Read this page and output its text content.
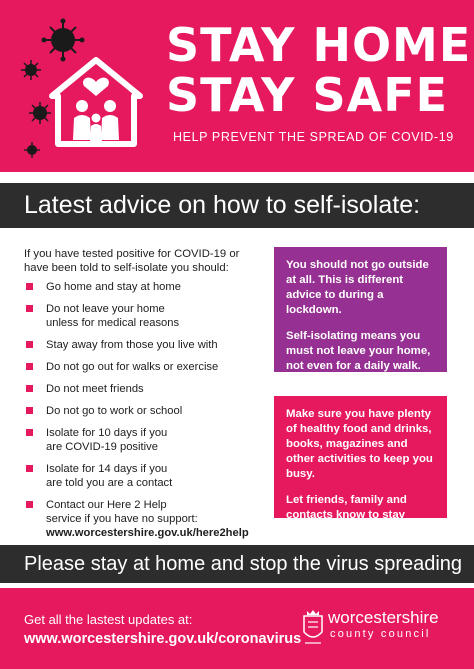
STAY HOME
STAY SAFE
HELP PREVENT THE SPREAD OF COVID-19
Latest advice on how to self-isolate:
If you have tested positive for COVID-19 or have been told to self-isolate you should:
Go home and stay at home
Do not leave your home
unless for medical reasons
Stay away from those you live with
Do not go out for walks or exercise
Do not meet friends
Do not go to work or school
Isolate for 10 days if you
are COVID-19 positive
Isolate for 14 days if you
are told you are a contact
Contact our Here 2 Help
service if you have no support:
www.worcestershire.gov.uk/here2help

You should not go outside at all. This is different advice to during a lockdown.

Self-isolating means you must not leave your home, not even for a daily walk.

Make sure you have plenty of healthy food and drinks, books, magazines and other activities to keep you busy.

Let friends, family and contacts know to stay away.

Please stay at home and stop the virus spreading
Get all the lastest updates at:
www.worcestershire.gov.uk/coronavirus
worcestershire
county council
